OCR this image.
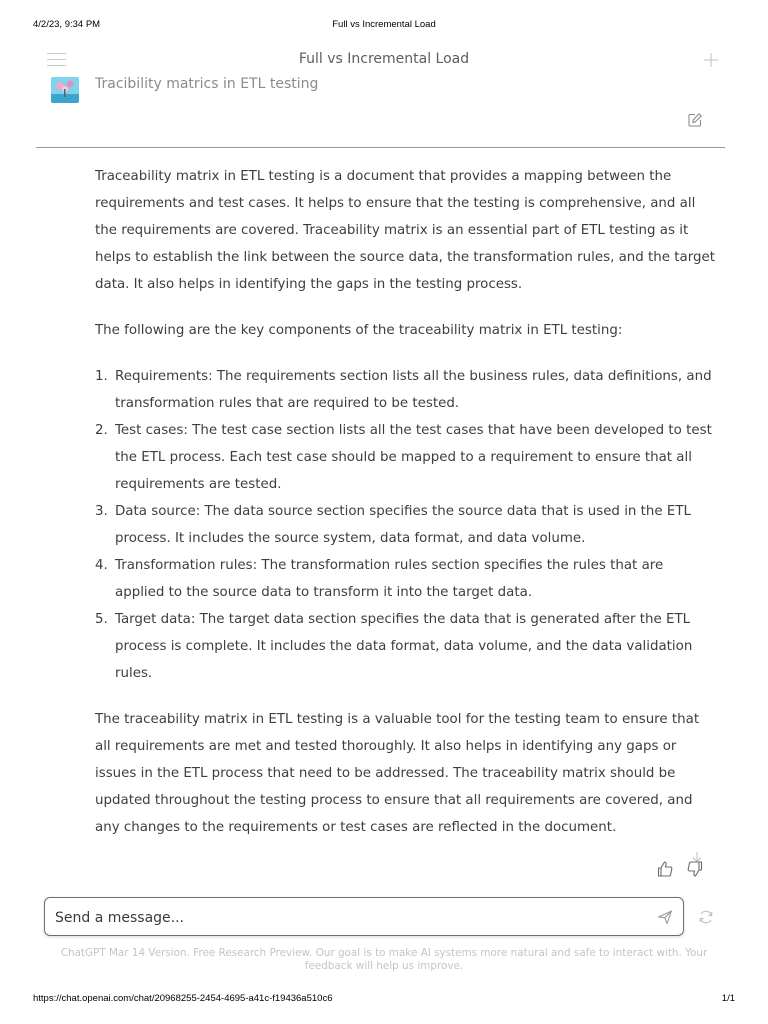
4/2/23, 9:34 PM	Full vs Incremental Load
Full vs Incremental Load
Tracibility matrics in ETL testing

Traceability matrix in ETL testing is a document that provides a mapping between the requirements and test cases. It helps to ensure that the testing is comprehensive, and all the requirements are covered. Traceability matrix is an essential part of ETL testing as it helps to establish the link between the source data, the transformation rules, and the target data. It also helps in identifying the gaps in the testing process.

The following are the key components of the traceability matrix in ETL testing:

1. Requirements: The requirements section lists all the business rules, data definitions, and transformation rules that are required to be tested.
2. Test cases: The test case section lists all the test cases that have been developed to test the ETL process. Each test case should be mapped to a requirement to ensure that all requirements are tested.
3. Data source: The data source section specifies the source data that is used in the ETL process. It includes the source system, data format, and data volume.
4. Transformation rules: The transformation rules section specifies the rules that are applied to the source data to transform it into the target data.
5. Target data: The target data section specifies the data that is generated after the ETL process is complete. It includes the data format, data volume, and the data validation rules.

The traceability matrix in ETL testing is a valuable tool for the testing team to ensure that all requirements are met and tested thoroughly. It also helps in identifying any gaps or issues in the ETL process that need to be addressed. The traceability matrix should be updated throughout the testing process to ensure that all requirements are covered, and any changes to the requirements or test cases are reflected in the document.

Send a message...
ChatGPT Mar 14 Version. Free Research Preview. Our goal is to make AI systems more natural and safe to interact with. Your feedback will help us improve.
https://chat.openai.com/chat/20968255-2454-4695-a41c-f19436a510c6	1/1
